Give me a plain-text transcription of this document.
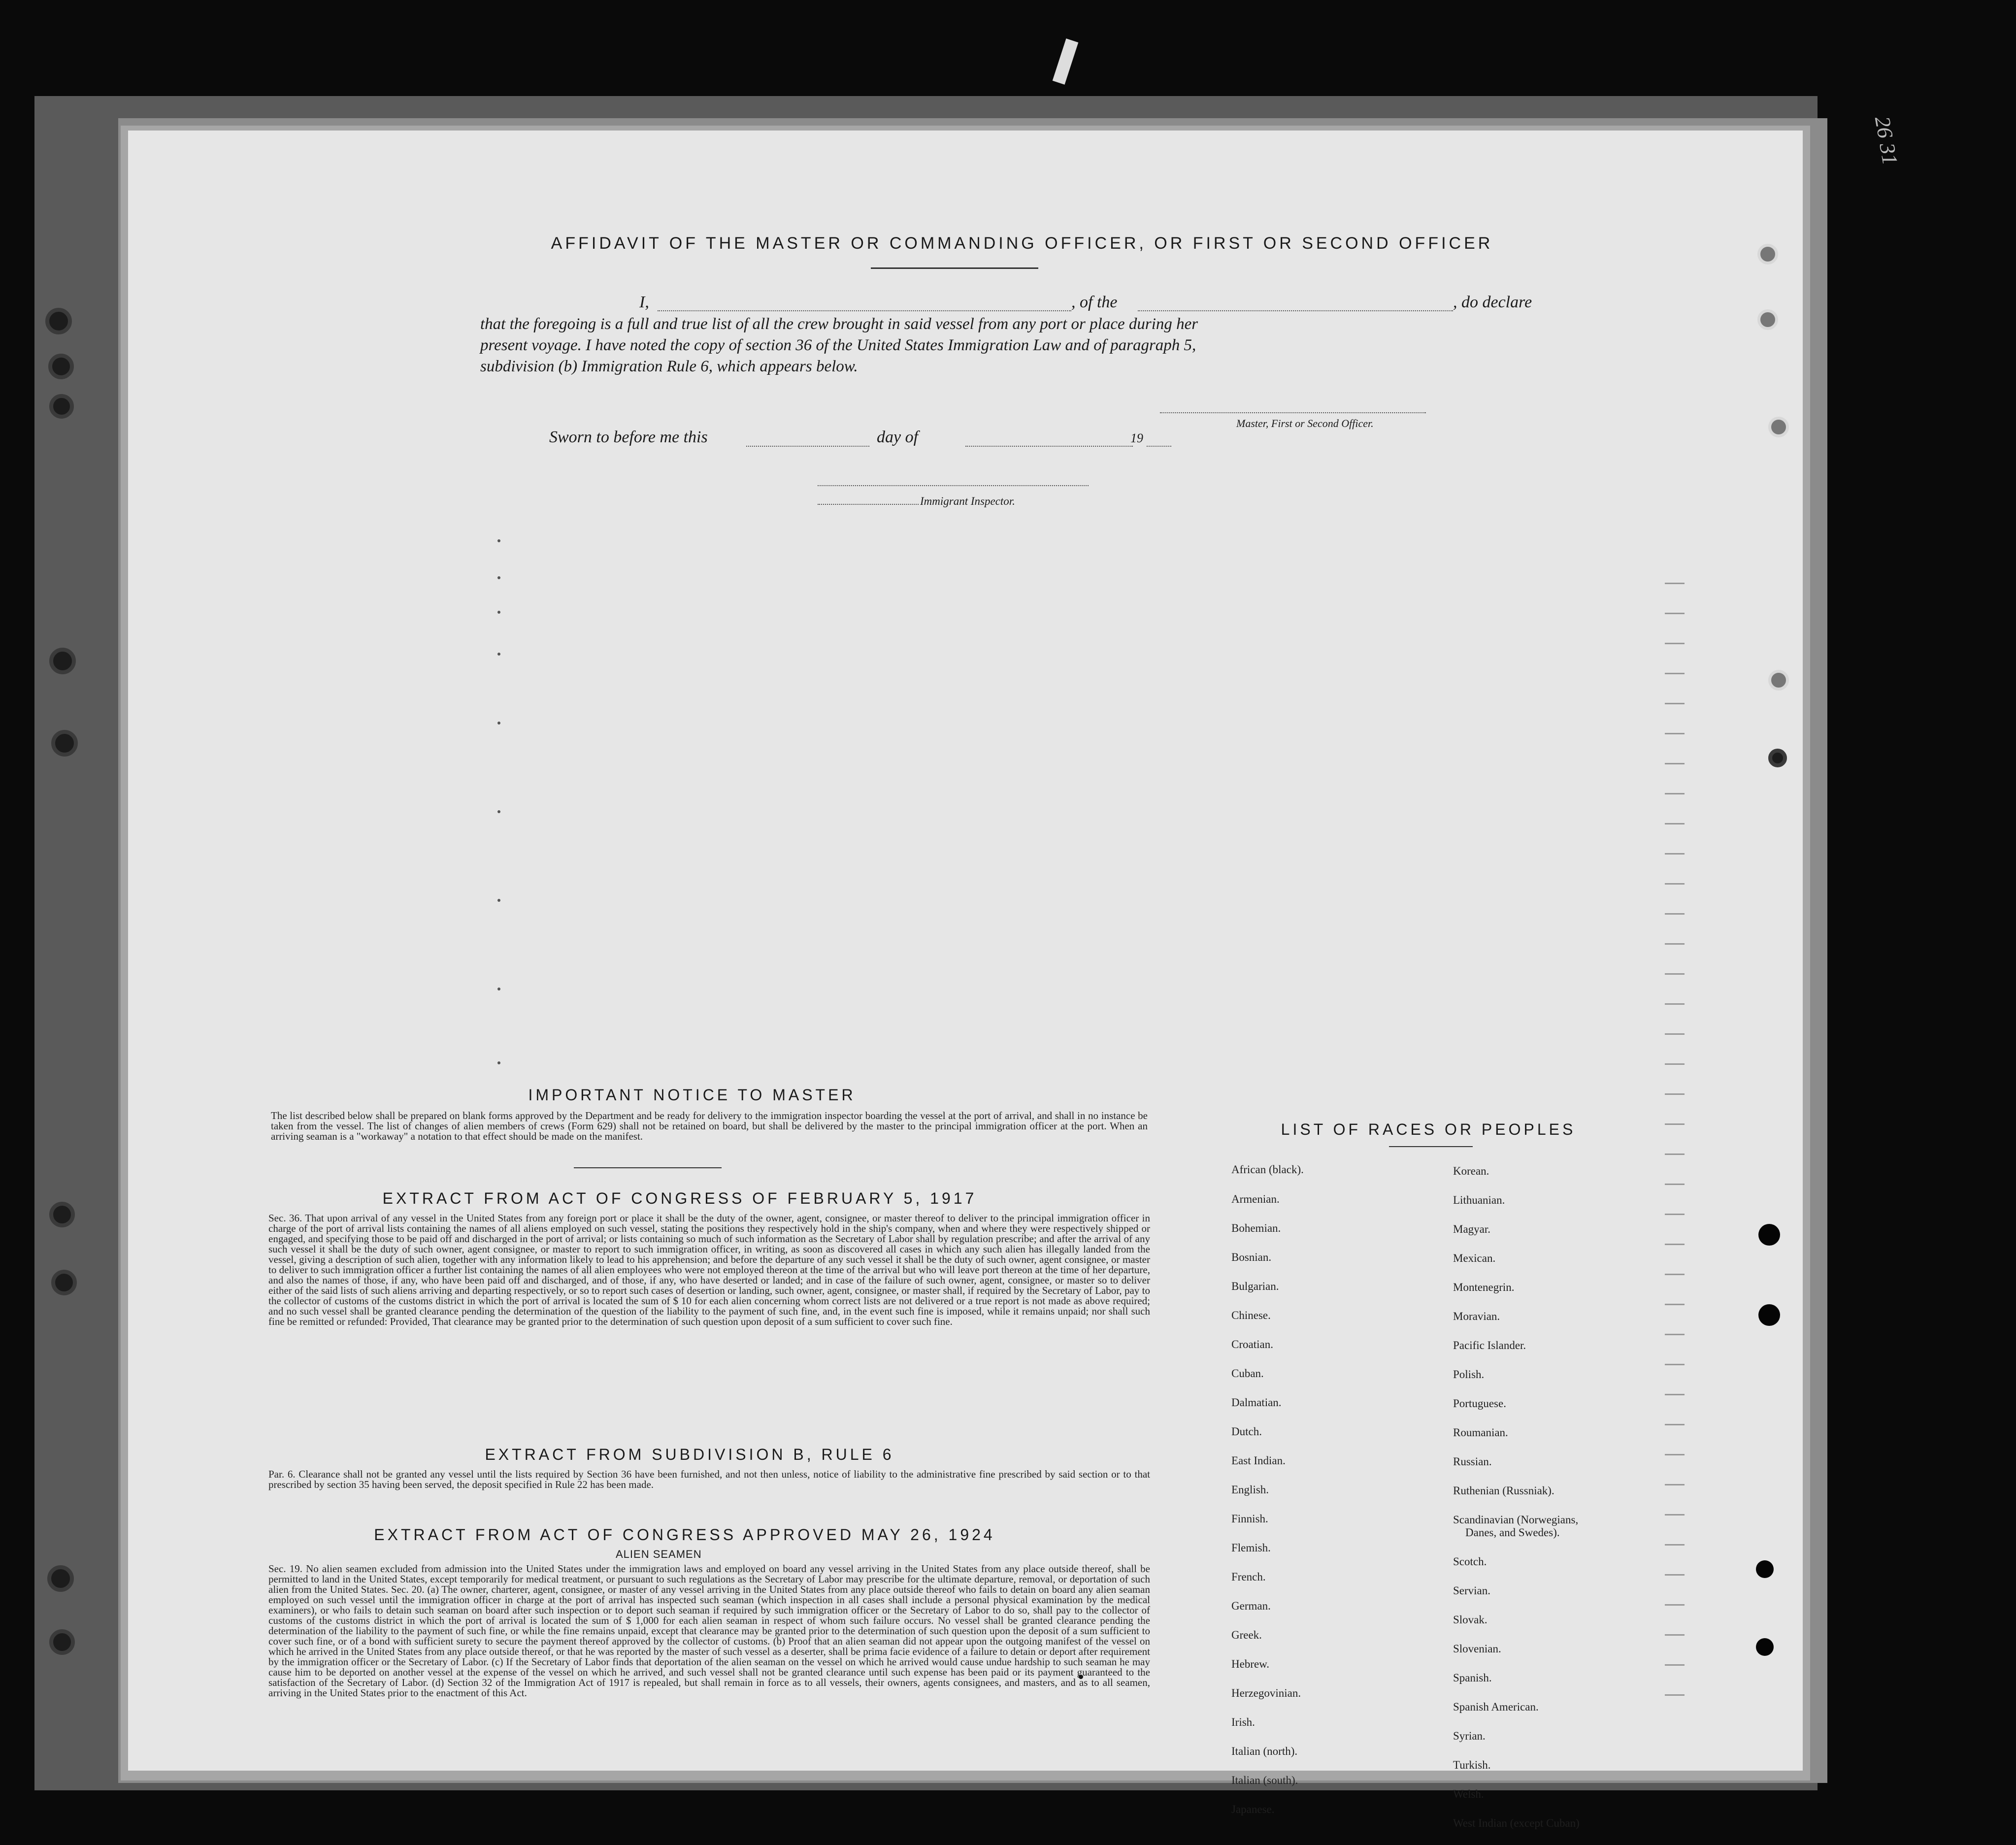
26 31
AFFIDAVIT OF THE MASTER OR COMMANDING OFFICER, OR FIRST OR SECOND OFFICER
I,	, of the	, do declare
that the foregoing is a full and true list of all the crew brought in said vessel from any port or place during her
present voyage. I have noted the copy of section 36 of the United States Immigration Law and of paragraph 5,
subdivision (b) Immigration Rule 6, which appears below.
Master, First or Second Officer.
Sworn to before me this	day of	19
Immigrant Inspector.
IMPORTANT NOTICE TO MASTER
The list described below shall be prepared on blank forms approved by the Department and be ready for delivery to the immigration inspector boarding the vessel at the port of arrival, and shall in no instance be taken from the vessel. The list of changes of alien members of crews (Form 629) shall not be retained on board, but shall be delivered by the master to the principal immigration officer at the port. When an arriving seaman is a "workaway" a notation to that effect should be made on the manifest.
EXTRACT FROM ACT OF CONGRESS OF FEBRUARY 5, 1917
Sec. 36. That upon arrival of any vessel in the United States from any foreign port or place it shall be the duty of the owner, agent, consignee, or master thereof to deliver to the principal immigration officer in charge of the port of arrival lists containing the names of all aliens employed on such vessel, stating the positions they respectively hold in the ship's company, when and where they were respectively shipped or engaged, and specifying those to be paid off and discharged in the port of arrival; or lists containing so much of such information as the Secretary of Labor shall by regulation prescribe; and after the arrival of any such vessel it shall be the duty of such owner, agent consignee, or master to report to such immigration officer, in writing, as soon as discovered all cases in which any such alien has illegally landed from the vessel, giving a description of such alien, together with any information likely to lead to his apprehension; and before the departure of any such vessel it shall be the duty of such owner, agent consignee, or master to deliver to such immigration officer a further list containing the names of all alien employees who were not employed thereon at the time of the arrival but who will leave port thereon at the time of her departure, and also the names of those, if any, who have been paid off and discharged, and of those, if any, who have deserted or landed; and in case of the failure of such owner, agent, consignee, or master so to deliver either of the said lists of such aliens arriving and departing respectively, or so to report such cases of desertion or landing, such owner, agent, consignee, or master shall, if required by the Secretary of Labor, pay to the collector of customs of the customs district in which the port of arrival is located the sum of $ 10 for each alien concerning whom correct lists are not delivered or a true report is not made as above required; and no such vessel shall be granted clearance pending the determination of the question of the liability to the payment of such fine, and, in the event such fine is imposed, while it remains unpaid; nor shall such fine be remitted or refunded: Provided, That clearance may be granted prior to the determination of such question upon deposit of a sum sufficient to cover such fine.
EXTRACT FROM SUBDIVISION B, RULE 6
Par. 6. Clearance shall not be granted any vessel until the lists required by Section 36 have been furnished, and not then unless, notice of liability to the administrative fine prescribed by said section or to that prescribed by section 35 having been served, the deposit specified in Rule 22 has been made.
EXTRACT FROM ACT OF CONGRESS APPROVED MAY 26, 1924
ALIEN SEAMEN
Sec. 19. No alien seamen excluded from admission into the United States under the immigration laws and employed on board any vessel arriving in the United States from any place outside thereof, shall be permitted to land in the United States, except temporarily for medical treatment, or pursuant to such regulations as the Secretary of Labor may prescribe for the ultimate departure, removal, or deportation of such alien from the United States. Sec. 20. (a) The owner, charterer, agent, consignee, or master of any vessel arriving in the United States from any place outside thereof who fails to detain on board any alien seaman employed on such vessel until the immigration officer in charge at the port of arrival has inspected such seaman (which inspection in all cases shall include a personal physical examination by the medical examiners), or who fails to detain such seaman on board after such inspection or to deport such seaman if required by such immigration officer or the Secretary of Labor to do so, shall pay to the collector of customs of the customs district in which the port of arrival is located the sum of $ 1,000 for each alien seaman in respect of whom such failure occurs. No vessel shall be granted clearance pending the determination of the liability to the payment of such fine, or while the fine remains unpaid, except that clearance may be granted prior to the determination of such question upon the deposit of a sum sufficient to cover such fine, or of a bond with sufficient surety to secure the payment thereof approved by the collector of customs. (b) Proof that an alien seaman did not appear upon the outgoing manifest of the vessel on which he arrived in the United States from any place outside thereof, or that he was reported by the master of such vessel as a deserter, shall be prima facie evidence of a failure to detain or deport after requirement by the immigration officer or the Secretary of Labor. (c) If the Secretary of Labor finds that deportation of the alien seaman on the vessel on which he arrived would cause undue hardship to such seaman he may cause him to be deported on another vessel at the expense of the vessel on which he arrived, and such vessel shall not be granted clearance until such expense has been paid or its payment guaranteed to the satisfaction of the Secretary of Labor. (d) Section 32 of the Immigration Act of 1917 is repealed, but shall remain in force as to all vessels, their owners, agents consignees, and masters, and as to all seamen, arriving in the United States prior to the enactment of this Act.
LIST OF RACES OR PEOPLES
African (black).
Armenian.
Bohemian.
Bosnian.
Bulgarian.
Chinese.
Croatian.
Cuban.
Dalmatian.
Dutch.
East Indian.
English.
Finnish.
Flemish.
French.
German.
Greek.
Hebrew.
Herzegovinian.
Irish.
Italian (north).
Italian (south).
Japanese.
Korean.
Lithuanian.
Magyar.
Mexican.
Montenegrin.
Moravian.
Pacific Islander.
Polish.
Portuguese.
Roumanian.
Russian.
Ruthenian (Russniak).
Scandinavian (Norwegians,
Danes, and Swedes).
Scotch.
Servian.
Slovak.
Slovenian.
Spanish.
Spanish American.
Syrian.
Turkish.
Welsh.
West Indian (except Cuban)
